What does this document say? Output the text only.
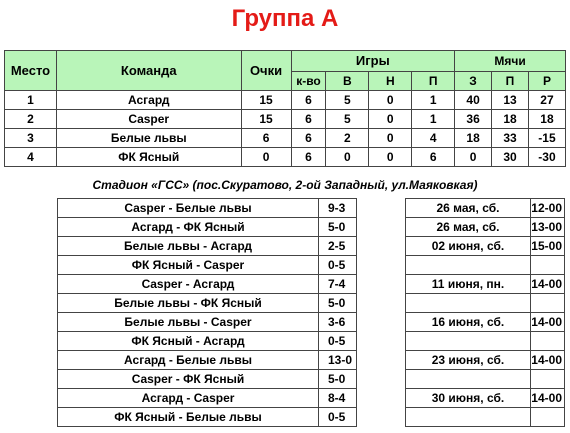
Группа А
Место	Команда	Очки	Игры				Мячи		
			к-во	В	Н	П	З	П	Р
1	Асгард	15	6	5	0	1	40	13	27
2	Casper	15	6	5	0	1	36	18	18
3	Белые львы	6	6	2	0	4	18	33	-15
4	ФК Ясный	0	6	0	0	6	0	30	-30
Стадион «ГСС» (пос.Скуратово, 2-ой Западный, ул.Маяковкая)
Casper - Белые львы	9-3
Асгард - ФК Ясный	5-0
Белые львы - Асгард	2-5
ФК Ясный - Casper	0-5
Casper - Асгард	7-4
Белые львы - ФК Ясный	5-0
Белые львы - Casper	3-6
ФК Ясный - Асгард	0-5
Асгард - Белые львы	13-0
Casper - ФК Ясный	5-0
Асгард - Casper	8-4
ФК Ясный - Белые львы	0-5
26 мая, сб.	12-00
26 мая, сб.	13-00
02 июня, сб.	15-00

11 июня, пн.	14-00

16 июня, сб.	14-00

23 июня, сб.	14-00

30 июня, сб.	14-00
